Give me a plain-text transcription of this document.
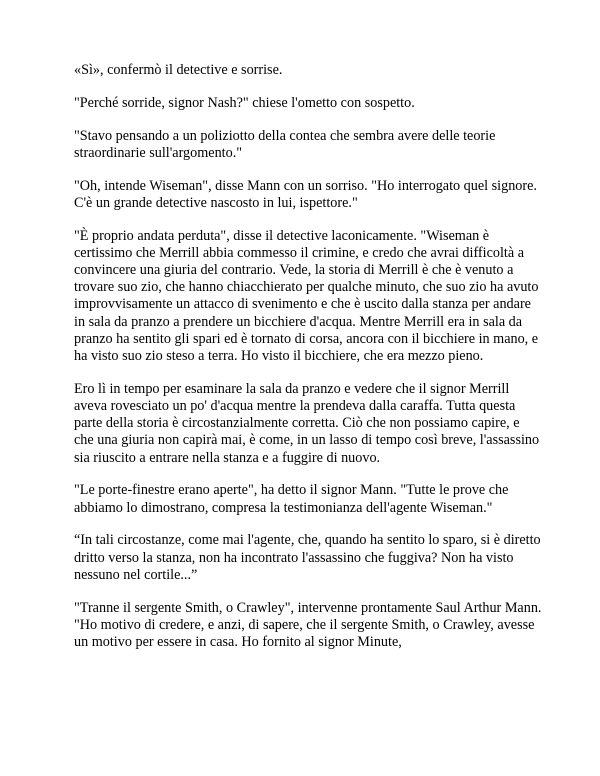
«Sì», confermò il detective e sorrise.

"Perché sorride, signor Nash?" chiese l'ometto con sospetto.

"Stavo pensando a un poliziotto della contea che sembra avere delle teorie straordinarie sull'argomento."

"Oh, intende Wiseman", disse Mann con un sorriso. "Ho interrogato quel signore. C'è un grande detective nascosto in lui, ispettore."

"È proprio andata perduta", disse il detective laconicamente. "Wiseman è certissimo che Merrill abbia commesso il crimine, e credo che avrai difficoltà a convincere una giuria del contrario. Vede, la storia di Merrill è che è venuto a trovare suo zio, che hanno chiacchierato per qualche minuto, che suo zio ha avuto improvvisamente un attacco di svenimento e che è uscito dalla stanza per andare in sala da pranzo a prendere un bicchiere d'acqua. Mentre Merrill era in sala da pranzo ha sentito gli spari ed è tornato di corsa, ancora con il bicchiere in mano, e ha visto suo zio steso a terra. Ho visto il bicchiere, che era mezzo pieno.

Ero lì in tempo per esaminare la sala da pranzo e vedere che il signor Merrill aveva rovesciato un po' d'acqua mentre la prendeva dalla caraffa. Tutta questa parte della storia è circostanzialmente corretta. Ciò che non possiamo capire, e che una giuria non capirà mai, è come, in un lasso di tempo così breve, l'assassino sia riuscito a entrare nella stanza e a fuggire di nuovo.

"Le porte-finestre erano aperte", ha detto il signor Mann. "Tutte le prove che abbiamo lo dimostrano, compresa la testimonianza dell'agente Wiseman."

“In tali circostanze, come mai l'agente, che, quando ha sentito lo sparo, si è diretto dritto verso la stanza, non ha incontrato l'assassino che fuggiva? Non ha visto nessuno nel cortile...”

"Tranne il sergente Smith, o Crawley", intervenne prontamente Saul Arthur Mann. "Ho motivo di credere, e anzi, di sapere, che il sergente Smith, o Crawley, avesse un motivo per essere in casa. Ho fornito al signor Minute,
